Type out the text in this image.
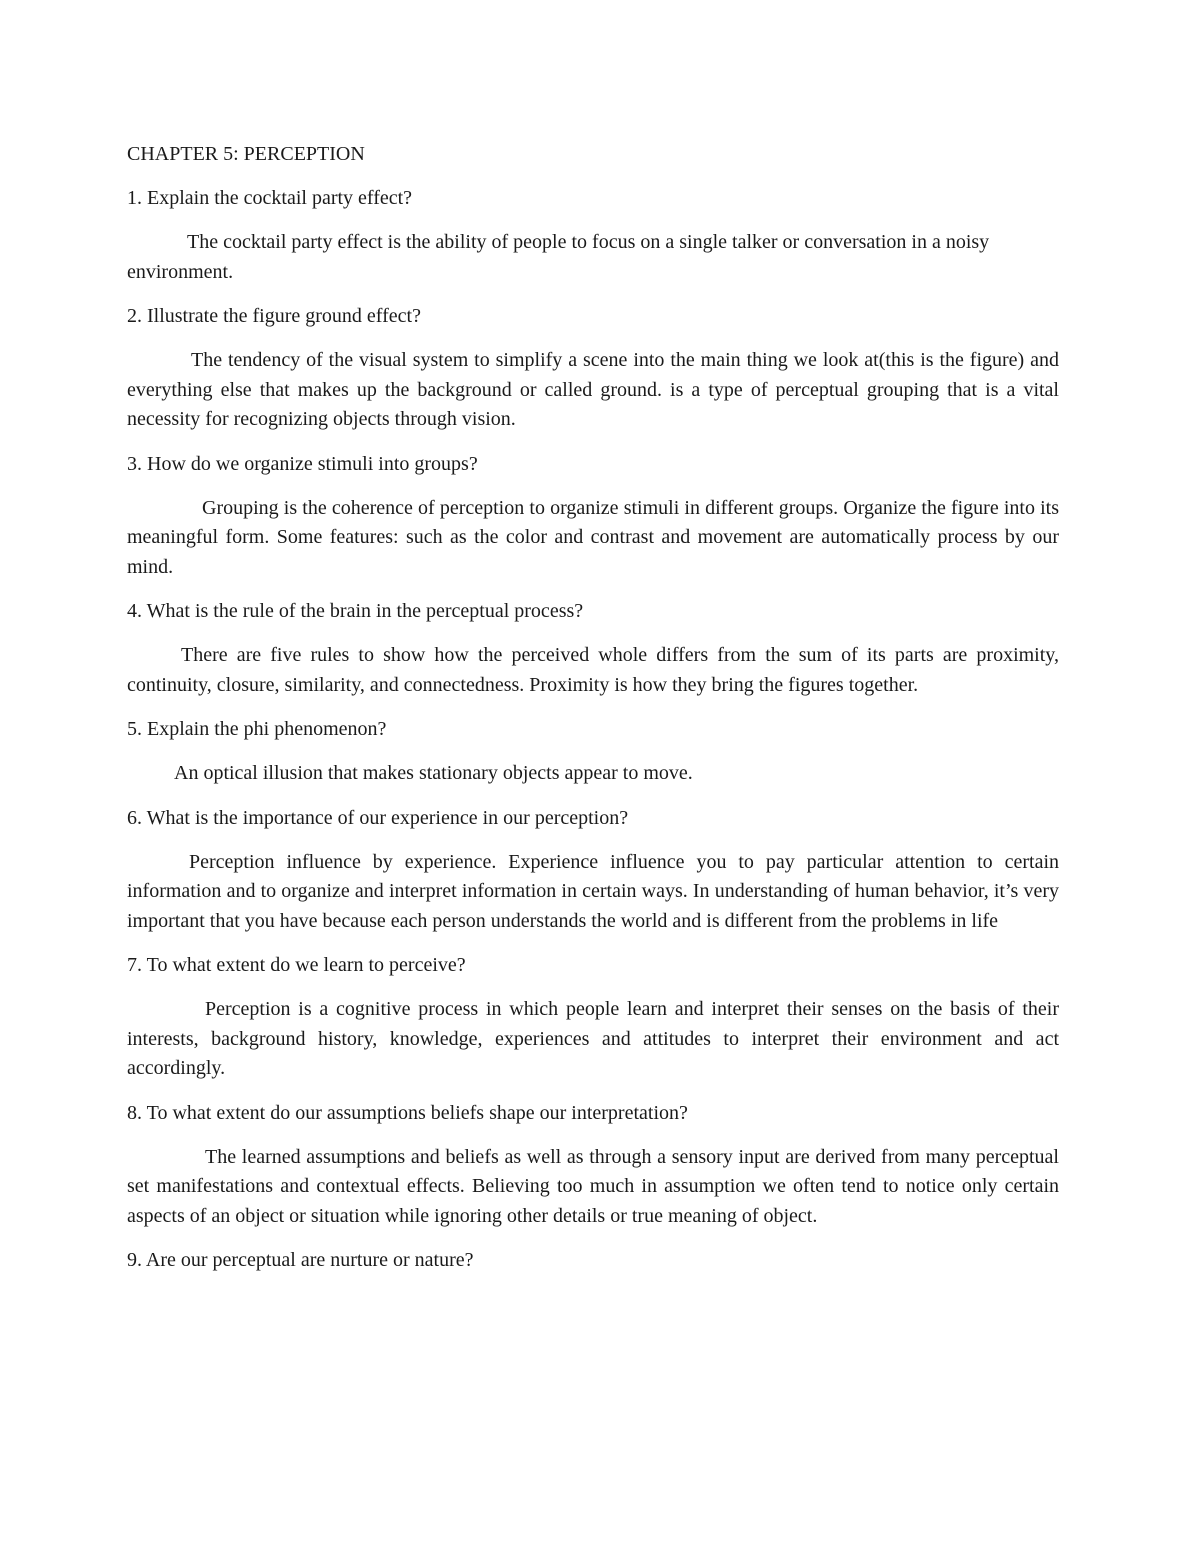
CHAPTER 5: PERCEPTION
1. Explain the cocktail party effect?
The cocktail party effect is the ability of people to focus on a single talker or conversation in a noisy environment.
2. Illustrate the figure ground effect?
The tendency of the visual system to simplify a scene into the main thing we look at(this is the figure) and everything else that makes up the background or called ground. is a type of perceptual grouping that is a vital necessity for recognizing objects through vision.
3. How do we organize stimuli into groups?
Grouping is the coherence of perception to organize stimuli in different groups. Organize the figure into its meaningful form. Some features: such as the color and contrast and movement are automatically process by our mind.
4. What is the rule of the brain in the perceptual process?
There are five rules to show how the perceived whole differs from the sum of its parts are proximity, continuity, closure, similarity, and connectedness. Proximity is how they bring the figures together.
5. Explain the phi phenomenon?
An optical illusion that makes stationary objects appear to move.
6. What is the importance of our experience in our perception?
Perception influence by experience. Experience influence you to pay particular attention to certain information and to organize and interpret information in certain ways. In understanding of human behavior, it’s very important that you have because each person understands the world and is different from the problems in life
7. To what extent do we learn to perceive?
Perception is a cognitive process in which people learn and interpret their senses on the basis of their interests, background history, knowledge, experiences and attitudes to interpret their environment and act accordingly.
8. To what extent do our assumptions beliefs shape our interpretation?
The learned assumptions and beliefs as well as through a sensory input are derived from many perceptual set manifestations and contextual effects. Believing too much in assumption we often tend to notice only certain aspects of an object or situation while ignoring other details or true meaning of object.
9. Are our perceptual are nurture or nature?
